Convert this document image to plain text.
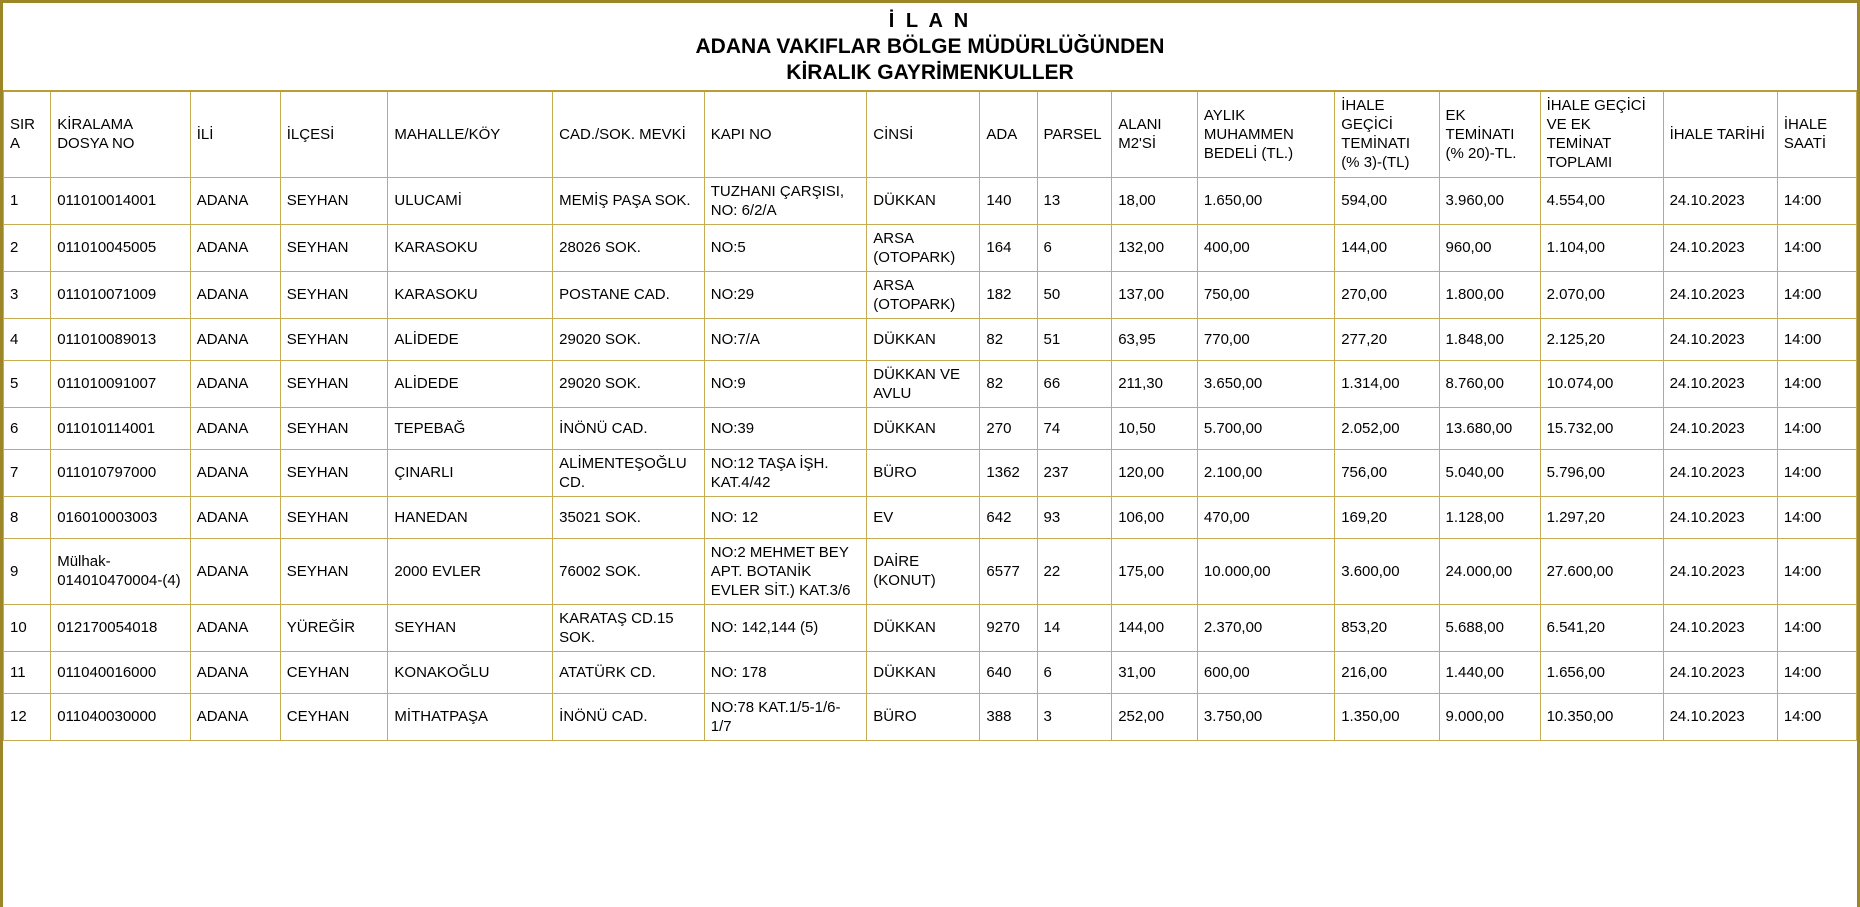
İ L A N
ADANA VAKIFLAR BÖLGE MÜDÜRLÜĞÜNDEN
KİRALIK GAYRİMENKULLER
SIRA	KİRALAMA DOSYA NO	İLİ	İLÇESİ	MAHALLE/KÖY	CAD./SOK. MEVKİ	KAPI NO	CİNSİ	ADA	PARSEL	ALANI M2'Sİ	AYLIK MUHAMMEN BEDELİ (TL.)	İHALE GEÇİCİ TEMİNATI (% 3)-(TL)	EK TEMİNATI (% 20)-TL.	İHALE GEÇİCİ VE EK TEMİNAT TOPLAMI	İHALE TARİHİ	İHALE SAATİ
1	011010014001	ADANA	SEYHAN	ULUCAMİ	MEMİŞ PAŞA SOK.	TUZHANI ÇARŞISI, NO: 6/2/A	DÜKKAN	140	13	18,00	1.650,00	594,00	3.960,00	4.554,00	24.10.2023	14:00
2	011010045005	ADANA	SEYHAN	KARASOKU	28026 SOK.	NO:5	ARSA (OTOPARK)	164	6	132,00	400,00	144,00	960,00	1.104,00	24.10.2023	14:00
3	011010071009	ADANA	SEYHAN	KARASOKU	POSTANE CAD.	NO:29	ARSA (OTOPARK)	182	50	137,00	750,00	270,00	1.800,00	2.070,00	24.10.2023	14:00
4	011010089013	ADANA	SEYHAN	ALİDEDE	29020 SOK.	NO:7/A	DÜKKAN	82	51	63,95	770,00	277,20	1.848,00	2.125,20	24.10.2023	14:00
5	011010091007	ADANA	SEYHAN	ALİDEDE	29020 SOK.	NO:9	DÜKKAN VE AVLU	82	66	211,30	3.650,00	1.314,00	8.760,00	10.074,00	24.10.2023	14:00
6	011010114001	ADANA	SEYHAN	TEPEBAĞ	İNÖNÜ CAD.	NO:39	DÜKKAN	270	74	10,50	5.700,00	2.052,00	13.680,00	15.732,00	24.10.2023	14:00
7	011010797000	ADANA	SEYHAN	ÇINARLI	ALİMENTEŞOĞLU CD.	NO:12 TAŞA İŞH. KAT.4/42	BÜRO	1362	237	120,00	2.100,00	756,00	5.040,00	5.796,00	24.10.2023	14:00
8	016010003003	ADANA	SEYHAN	HANEDAN	35021 SOK.	NO: 12	EV	642	93	106,00	470,00	169,20	1.128,00	1.297,20	24.10.2023	14:00
9	Mülhak-014010470004-(4)	ADANA	SEYHAN	2000 EVLER	76002 SOK.	NO:2 MEHMET BEY APT. BOTANİK EVLER SİT.) KAT.3/6	DAİRE (KONUT)	6577	22	175,00	10.000,00	3.600,00	24.000,00	27.600,00	24.10.2023	14:00
10	012170054018	ADANA	YÜREĞİR	SEYHAN	KARATAŞ CD.15 SOK.	NO: 142,144 (5)	DÜKKAN	9270	14	144,00	2.370,00	853,20	5.688,00	6.541,20	24.10.2023	14:00
11	011040016000	ADANA	CEYHAN	KONAKOĞLU	ATATÜRK CD.	NO: 178	DÜKKAN	640	6	31,00	600,00	216,00	1.440,00	1.656,00	24.10.2023	14:00
12	011040030000	ADANA	CEYHAN	MİTHATPAŞA	İNÖNÜ CAD.	NO:78 KAT.1/5-1/6-1/7	BÜRO	388	3	252,00	3.750,00	1.350,00	9.000,00	10.350,00	24.10.2023	14:00
